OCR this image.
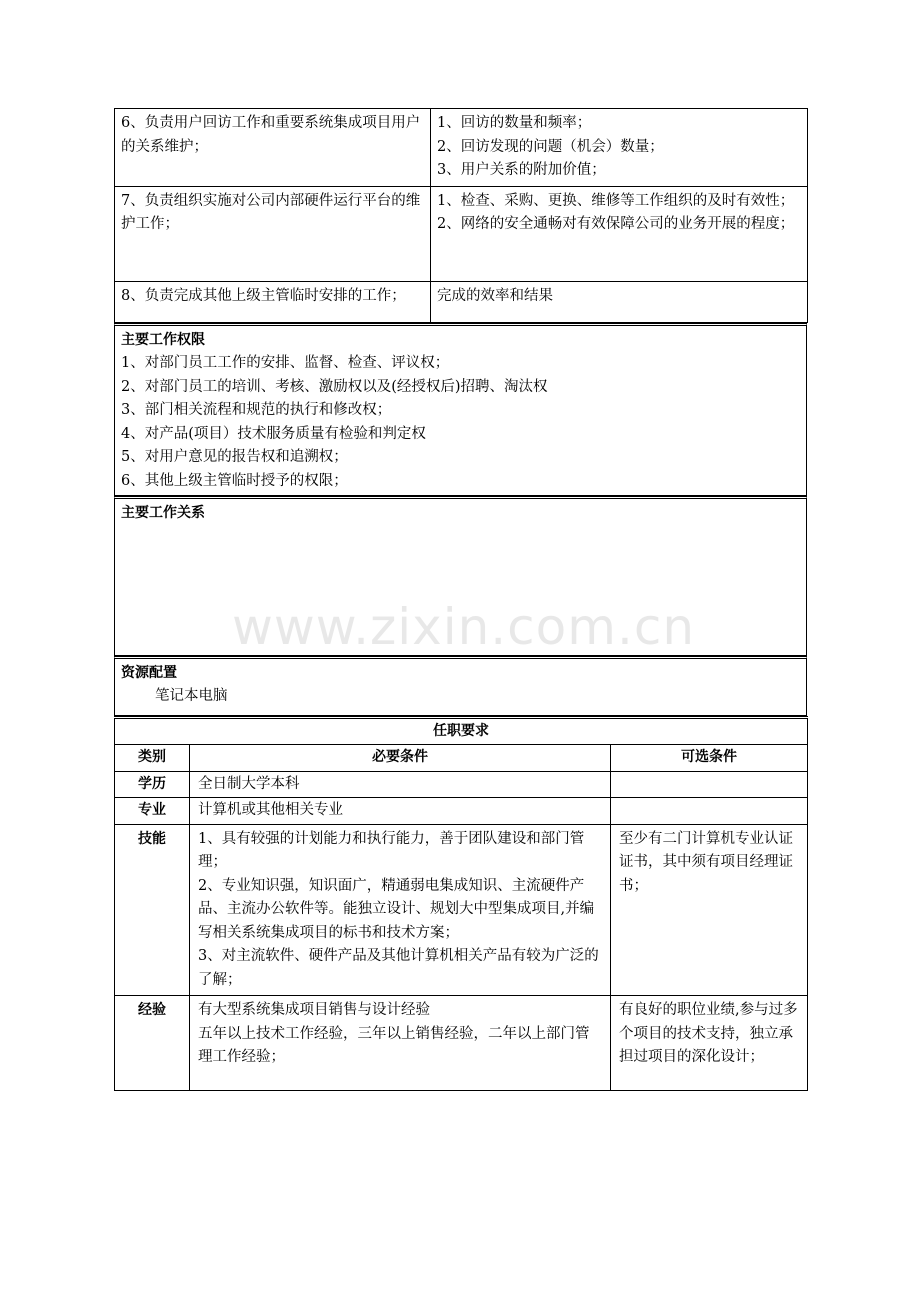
6、负责用户回访工作和重要系统集成项目用户的关系维护；	1、回访的数量和频率；
2、回访发现的问题（机会）数量；
3、用户关系的附加价值；

7、负责组织实施对公司内部硬件运行平台的维护工作；	1、检查、采购、更换、维修等工作组织的及时有效性；
2、网络的安全通畅对有效保障公司的业务开展的程度；

8、负责完成其他上级主管临时安排的工作；	完成的效率和结果
主要工作权限
1、对部门员工工作的安排、监督、检查、评议权；
2、对部门员工的培训、考核、激励权以及(经授权后)招聘、淘汰权
3、部门相关流程和规范的执行和修改权；
4、对产品(项目）技术服务质量有检验和判定权
5、对用户意见的报告权和追溯权；
6、其他上级主管临时授予的权限；
主要工作关系
资源配置
笔记本电脑
任职要求		
类别	必要条件	可选条件
学历	全日制大学本科	

专业	计算机或其他相关专业	

技能	1、具有较强的计划能力和执行能力，善于团队建设和部门管理；
2、专业知识强，知识面广，精通弱电集成知识、主流硬件产品、主流办公软件等。能独立设计、规划大中型集成项目,并编写相关系统集成项目的标书和技术方案；
3、对主流软件、硬件产品及其他计算机相关产品有较为广泛的了解；	至少有二门计算机专业认证证书，其中须有项目经理证书；
经验	有大型系统集成项目销售与设计经验
五年以上技术工作经验，三年以上销售经验，二年以上部门管理工作经验；	有良好的职位业绩,参与过多个项目的技术支持，独立承担过项目的深化设计；
www.zixin.com.cn
